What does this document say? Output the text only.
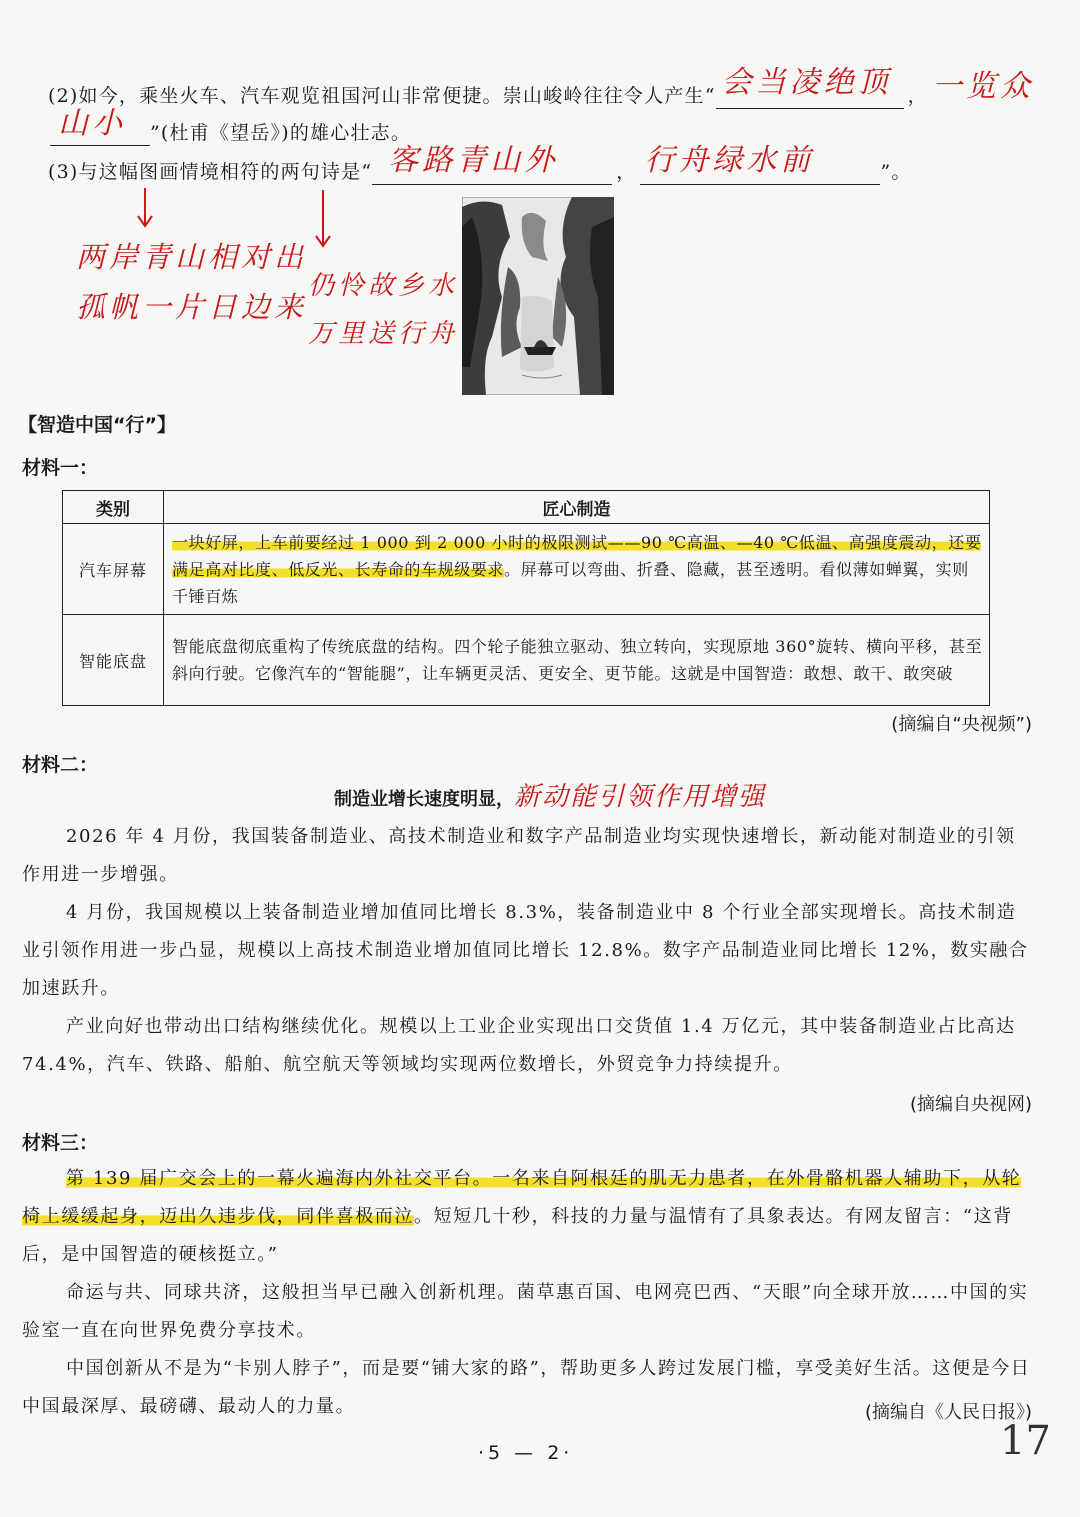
(2)如今，乘坐火车、汽车观览祖国河山非常便捷。崇山峻岭往往令人产生“ 会当凌绝顶 ， 一览众
山小 ”(杜甫《望岳》)的雄心壮志。
(3)与这幅图画情境相符的两句诗是“ 客路青山外	， 行舟绿水前	”。
两岸青山相对出
孤帆一片日边来
仍怜故乡水
万里送行舟
【智造中国“行”】
材料一：
类别	匠心制造
汽车屏幕	一块好屏，上车前要经过 1 000 到 2 000 小时的极限测试——90 ℃高温、—40 ℃低温、高强度震动，还要满足高对比度、低反光、长寿命的车规级要求。屏幕可以弯曲、折叠、隐藏，甚至透明。看似薄如蝉翼，实则千锤百炼
智能底盘	智能底盘彻底重构了传统底盘的结构。四个轮子能独立驱动、独立转向，实现原地 360°旋转、横向平移，甚至斜向行驶。它像汽车的“智能腿”，让车辆更灵活、更安全、更节能。这就是中国智造：敢想、敢干、敢突破
(摘编自“央视频”)
材料二：
制造业增长速度明显，新动能引领作用增强
2026 年 4 月份，我国装备制造业、高技术制造业和数字产品制造业均实现快速增长，新动能对制造业的引领作用进一步增强。
4 月份，我国规模以上装备制造业增加值同比增长 8.3%，装备制造业中 8 个行业全部实现增长。高技术制造业引领作用进一步凸显，规模以上高技术制造业增加值同比增长 12.8%。数字产品制造业同比增长 12%，数实融合加速跃升。
产业向好也带动出口结构继续优化。规模以上工业企业实现出口交货值 1.4 万亿元，其中装备制造业占比高达 74.4%，汽车、铁路、船舶、航空航天等领域均实现两位数增长，外贸竞争力持续提升。
(摘编自央视网)
材料三：
第 139 届广交会上的一幕火遍海内外社交平台。一名来自阿根廷的肌无力患者，在外骨骼机器人辅助下，从轮椅上缓缓起身，迈出久违步伐，同伴喜极而泣。短短几十秒，科技的力量与温情有了具象表达。有网友留言：“这背后，是中国智造的硬核挺立。”
命运与共、同球共济，这般担当早已融入创新机理。菌草惠百国、电网亮巴西、“天眼”向全球开放……中国的实验室一直在向世界免费分享技术。
中国创新从不是为“卡别人脖子”，而是要“铺大家的路”，帮助更多人跨过发展门槛，享受美好生活。这便是今日中国最深厚、最磅礴、最动人的力量。	(摘编自《人民日报》)
·5 — 2·	17
